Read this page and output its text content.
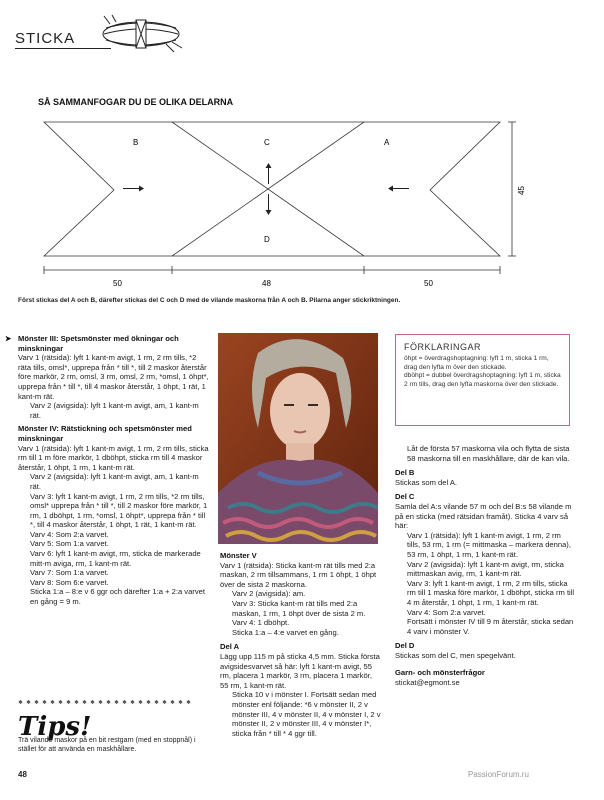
STICKA
SÅ SAMMANFOGAR DU DE OLIKA DELARNA
B	C	A
D
50	48	50
45
Först stickas del A och B, därefter stickas del C och D med de vilande maskorna från A och B. Pilarna anger stickriktningen.

➤ Mönster III: Spetsmönster med ökningar och minskningar

Varv 1 (rätsida): lyft 1 kant-m avigt, 1 rm, 2 rm tills, *2 räta tills, omsl*, upprepa från * till *, till 2 maskor återstår före markör, 2 rm, omsl, 3 rm, omsl, 2 rm, *omsl, 1 öhpt*, upprepa från * till *, till 4 maskor återstår, 1 öhpt, 1 rät, 1 kant-m rät.

Varv 2 (avigsida): lyft 1 kant-m avigt, am, 1 kant-m rät.

Mönster IV: Rätstickning och spetsmönster med minskningar

Varv 1 (rätsida): lyft 1 kant-m avigt, 1 rm, 2 rm tills, sticka rm till 1 m före markör, 1 dböhpt, sticka rm till 4 maskor återstår, 1 öhpt, 1 rm, 1 kant-m rät.

Varv 2 (avigsida): lyft 1 kant-m avigt, am, 1 kant-m rät.

Varv 3: lyft 1 kant-m avigt, 1 rm, 2 rm tills, *2 rm tills, omsl* upprepa från * till *, till 2 maskor före markör, 1 rm, 1 dböhpt, 1 rm, *omsl, 1 öhpt*, upprepa från * till *, till 4 maskor återstår, 1 öhpt, 1 rät, 1 kant-m rät.

Varv 4: Som 2:a varvet.

Varv 5: Som 1:a varvet.

Varv 6: lyft 1 kant-m avigt, rm, sticka de markerade mitt-m aviga, rm, 1 kant-m rät.

Varv 7: Som 1:a varvet.

Varv 8: Som 6:e varvet.

Sticka 1:a – 8:e v 6 ggr och därefter 1:a + 2:a varvet en gång = 9 m.

Tips!
Trä vilande maskor på en bit restgarn (med en stoppnål) i stället för att använda en maskhållare.

Mönster V

Varv 1 (rätsida): Sticka kant-m rät tills med 2:a maskan, 2 rm tillsammans, 1 rm 1 öhpt, 1 öhpt över de sista 2 maskorna.

Varv 2 (avigsida): am.

Varv 3: Sticka kant-m rät tills med 2:a maskan, 1 rm, 1 öhpt över de sista 2 m.

Varv 4: 1 dböhpt.

Sticka 1:a – 4:e varvet en gång.

Del A

Lägg upp 115 m på sticka 4,5 mm. Sticka första avigsidesvarvet så här: lyft 1 kant-m avigt, 55 rm, placera 1 markör, 3 rm, placera 1 markör, 55 rm, 1 kant-m rät.

Sticka 10 v i mönster I. Fortsätt sedan med mönster enl följande: *6 v mönster II, 2 v mönster III, 4 v mönster II, 4 v mönster I, 2 v mönster II, 2 v mönster III, 4 v mönster I*, sticka från * till * 4 ggr till.

FÖRKLARINGAR

öhpt = överdragshoptagning: lyft 1 m, sticka 1 rm, drag den lyfta m över den stickade.

dböhpt = dubbel överdragshoptagning: lyft 1 m, sticka 2 rm tills, drag den lyfta maskorna över den stickade.

Låt de första 57 maskorna vila och flytta de sista 58 maskorna till en maskhållare, där de kan vila.

Del B

Stickas som del A.

Del C

Samla del A:s vilande 57 m och del B:s 58 vilande m på en sticka (med rätsidan framåt). Sticka 4 varv så här:

Varv 1 (rätsida): lyft 1 kant-m avigt, 1 rm, 2 rm tills, 53 rm, 1 rm (= mittmaska – markera denna), 53 rm, 1 öhpt, 1 rm, 1 kant-m rät.

Varv 2 (avigsida): lyft 1 kant-m avigt, rm, sticka mittmaskan avig, rm, 1 kant-m rät.

Varv 3: lyft 1 kant-m avigt, 1 rm, 2 rm tills, sticka rm till 1 maska före markör, 1 dböhpt, sticka rm till 4 m återstår, 1 öhpt, 1 rm, 1 kant-m rät.

Varv 4: Som 2:a varvet.

Fortsätt i mönster IV till 9 m återstår, sticka sedan 4 varv i mönster V.

Del D

Stickas som del C, men spegelvänt.

Garn- och mönsterfrågor

stickat@egmont.se

48	PassionForum.ru
